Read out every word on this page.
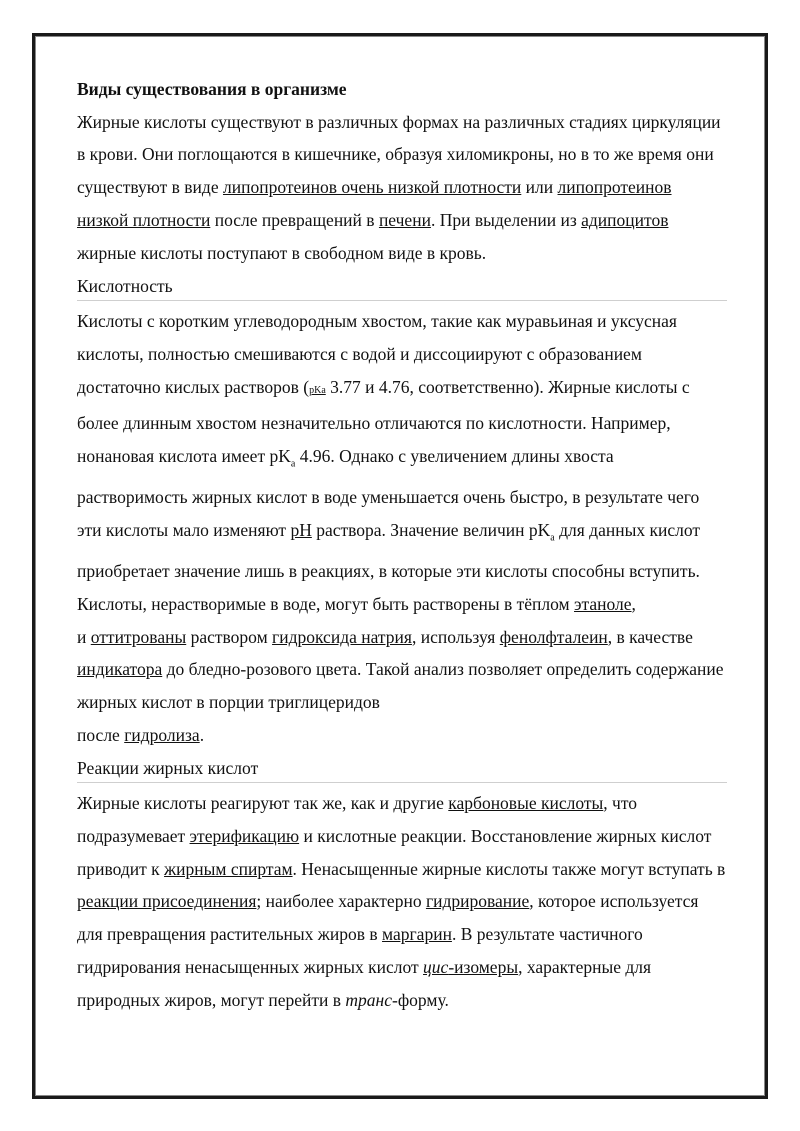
Виды существования в организме

Жирные кислоты существуют в различных формах на различных стадиях циркуляции в крови. Они поглощаются в кишечнике, образуя хиломикроны, но в то же время они существуют в виде липопротеинов очень низкой плотности или липопротеинов низкой плотности после превращений в печени. При выделении из адипоцитов жирные кислоты поступают в свободном виде в кровь.

Кислотность

Кислоты с коротким углеводородным хвостом, такие как муравьиная и уксусная кислоты, полностью смешиваются с водой и диссоциируют с образованием достаточно кислых растворов (pKa 3.77 и 4.76, соответственно). Жирные кислоты с более длинным хвостом незначительно отличаются по кислотности. Например, нонановая кислота имеет $pK_a$ 4.96. Однако с увеличением длины хвоста растворимость жирных кислот в воде уменьшается очень быстро, в результате чего эти кислоты мало изменяют pH раствора. Значение величин $pK_a$ для данных кислот приобретает значение лишь в реакциях, в которые эти кислоты способны вступить. Кислоты, нерастворимые в воде, могут быть растворены в тёплом этаноле,
и оттитрованы раствором гидроксида натрия, используя фенолфталеин, в качестве индикатора до бледно-розового цвета. Такой анализ позволяет определить содержание жирных кислот в порции триглицеридов
после гидролиза.

Реакции жирных кислот

Жирные кислоты реагируют так же, как и другие карбоновые кислоты, что подразумевает этерификацию и кислотные реакции. Восстановление жирных кислот приводит к жирным спиртам. Ненасыщенные жирные кислоты также могут вступать в реакции присоединения; наиболее характерно гидрирование, которое используется для превращения растительных жиров в маргарин. В результате частичного гидрирования ненасыщенных жирных кислот цис-изомеры, характерные для природных жиров, могут перейти в транс-форму.
